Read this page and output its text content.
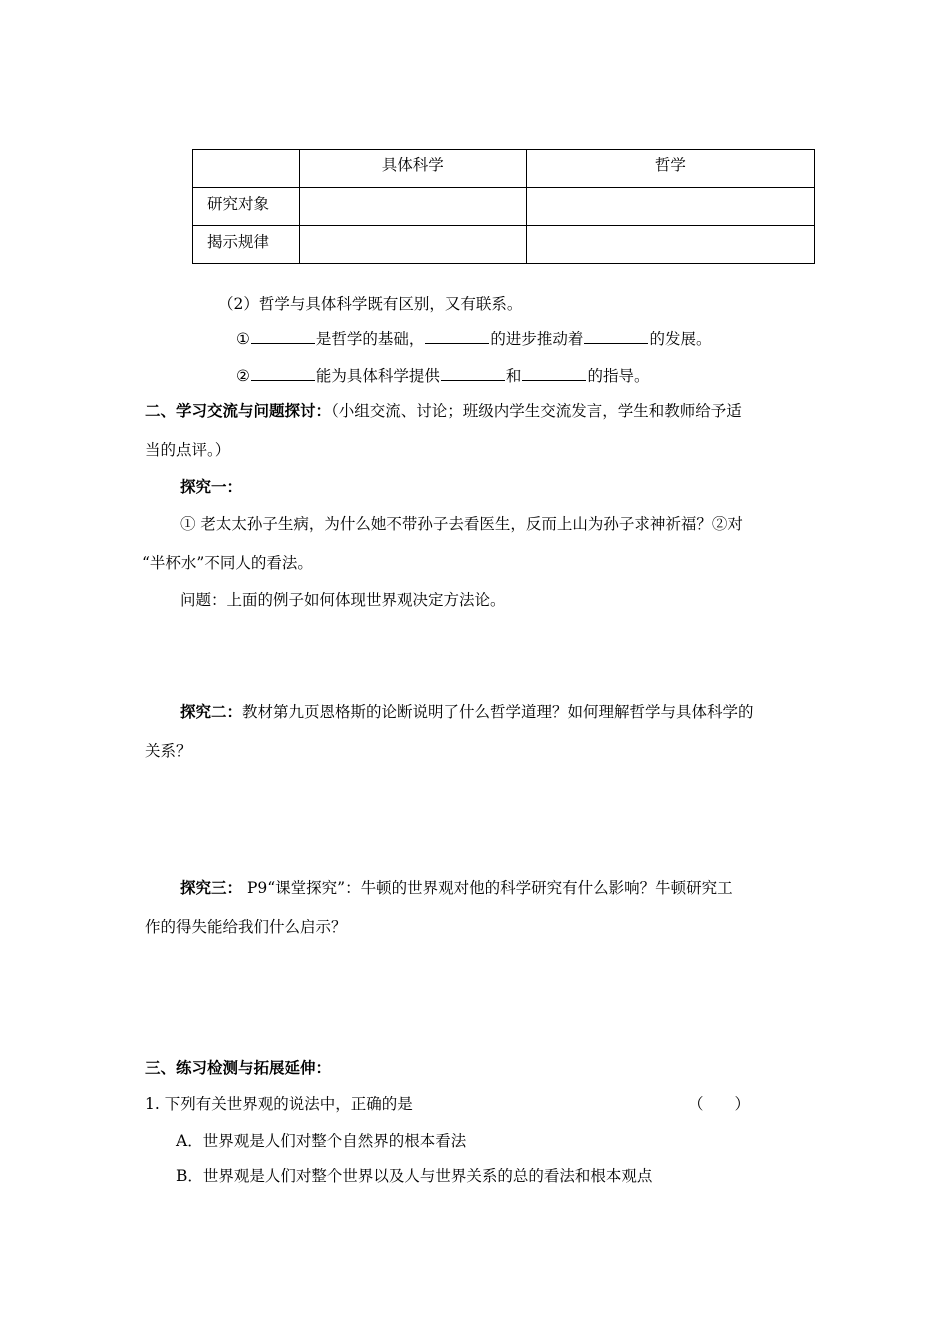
	具体科学	哲学
研究对象		
揭示规律		
（2）哲学与具体科学既有区别，又有联系。
①	是哲学的基础，	的进步推动着	的发展。
②	能为具体科学提供	和	的指导。
二、学习交流与问题探讨：（小组交流、讨论；班级内学生交流发言，学生和教师给予适
当的点评。）
探究一：
① 老太太孙子生病，为什么她不带孙子去看医生，反而上山为孙子求神祈福？②对
“半杯水”不同人的看法。
问题：上面的例子如何体现世界观决定方法论。
探究二：教材第九页恩格斯的论断说明了什么哲学道理？如何理解哲学与具体科学的
关系？
探究三： P9“课堂探究”：牛顿的世界观对他的科学研究有什么影响？牛顿研究工
作的得失能给我们什么启示？
三、练习检测与拓展延伸：
1. 下列有关世界观的说法中，正确的是	（　　）
A．世界观是人们对整个自然界的根本看法
B．世界观是人们对整个世界以及人与世界关系的总的看法和根本观点
